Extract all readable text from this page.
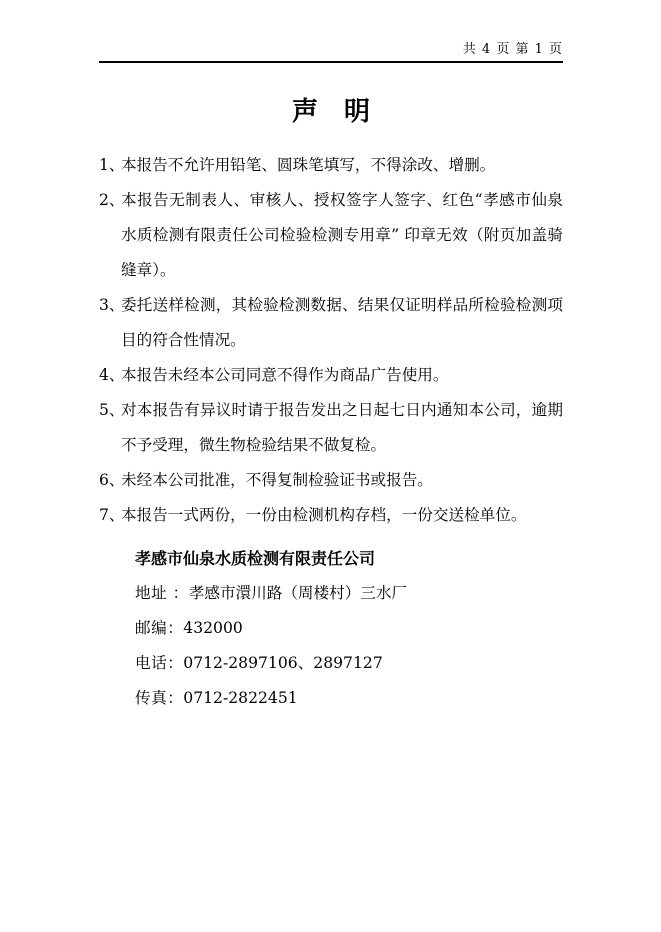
共 4 页 第 1 页
声　明
1、
本报告不允许用铅笔、圆珠笔填写，不得涂改、增删。
2、
本报告无制表人、审核人、授权签字人签字、红色“孝感市仙泉水质检测有限责任公司检验检测专用章” 印章无效（附页加盖骑缝章）。
3、
委托送样检测，其检验检测数据、结果仅证明样品所检验检测项目的符合性情况。
4、
本报告未经本公司同意不得作为商品广告使用。
5、
对本报告有异议时请于报告发出之日起七日内通知本公司，逾期不予受理，微生物检验结果不做复检。
6、
未经本公司批准，不得复制检验证书或报告。
7、
本报告一式两份，一份由检测机构存档，一份交送检单位。
孝感市仙泉水质检测有限责任公司
地址 ：孝感市澴川路（周楼村）三水厂
邮编：432000
电话：0712-2897106、2897127
传真：0712-2822451
